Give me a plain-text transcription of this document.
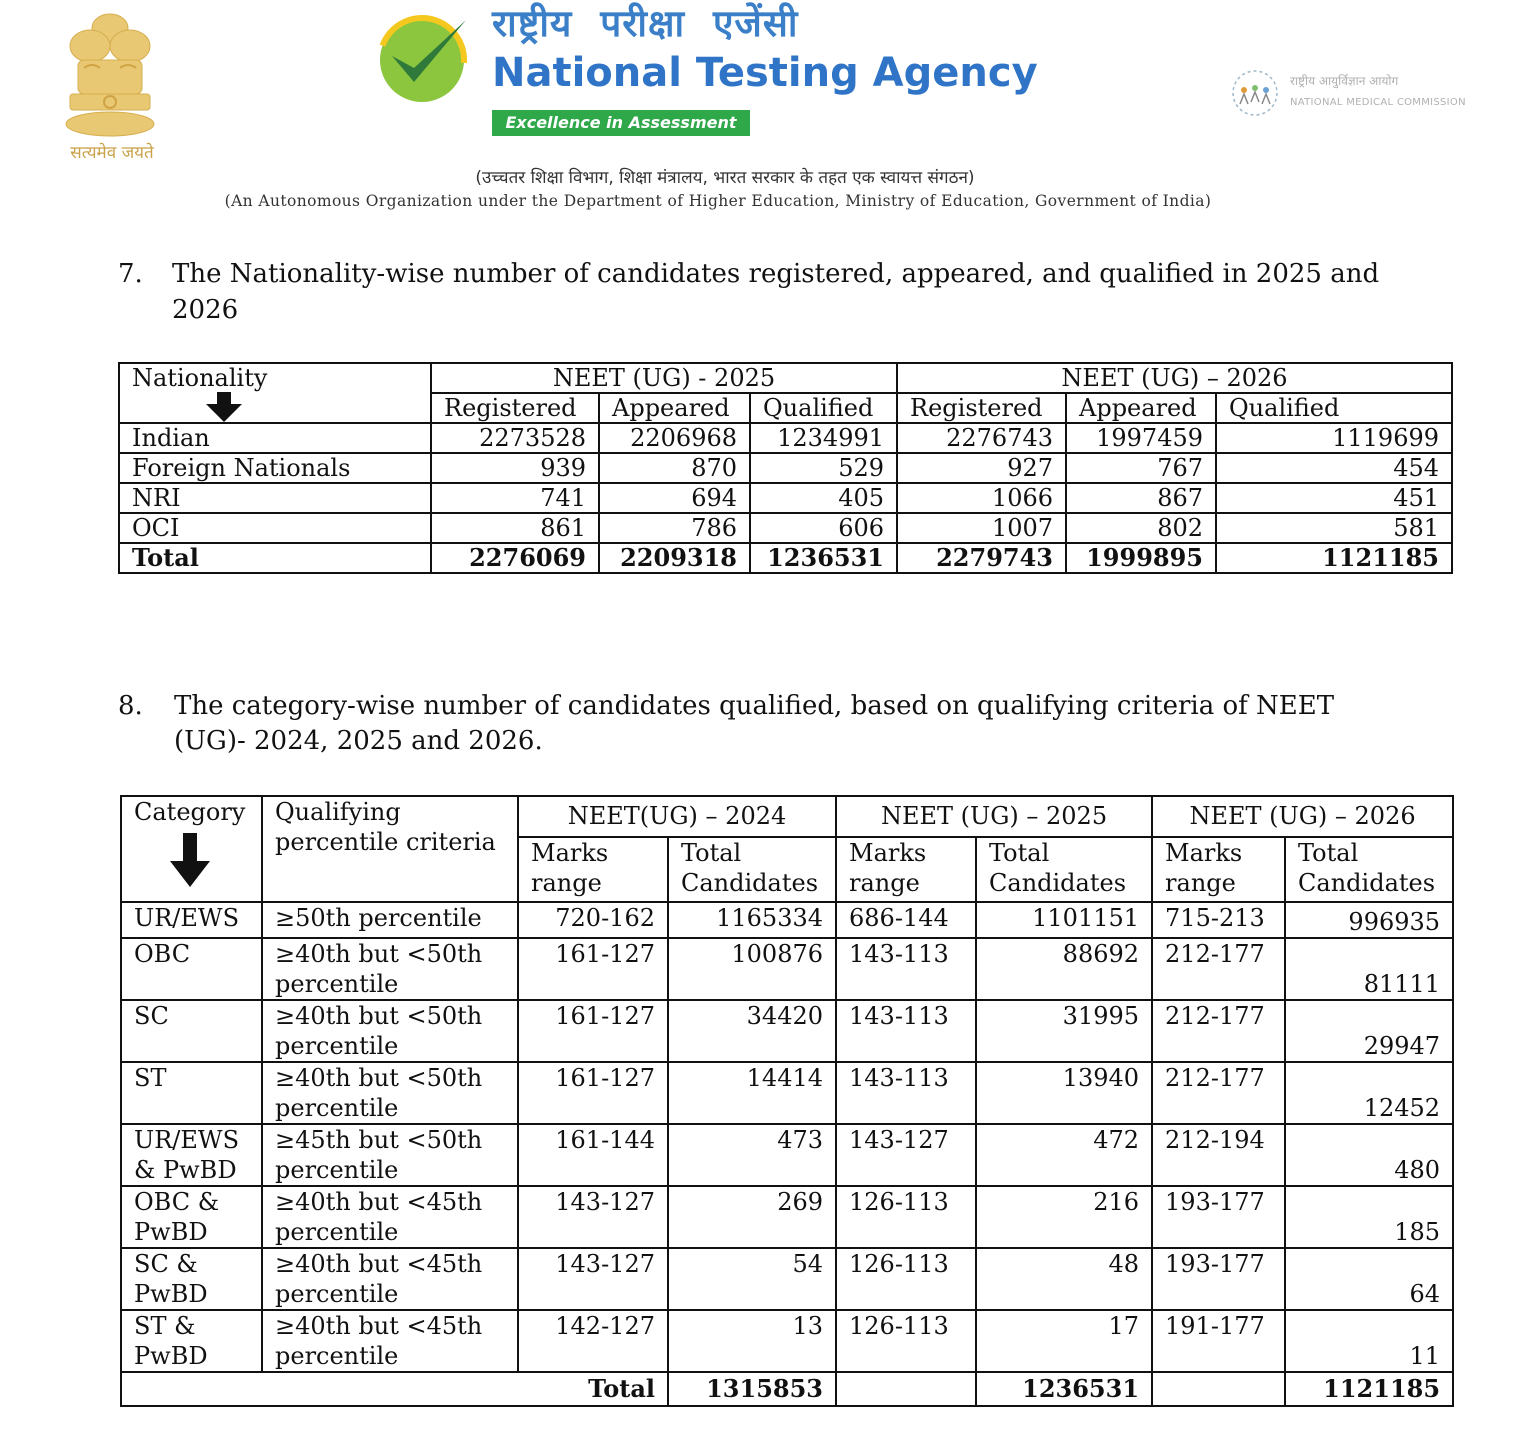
सत्यमेव जयते
राष्ट्रीय परीक्षा एजेंसी
National Testing Agency
Excellence in Assessment
राष्ट्रीय आयुर्विज्ञान आयोग
NATIONAL MEDICAL COMMISSION
(उच्चतर शिक्षा विभाग, शिक्षा मंत्रालय, भारत सरकार के तहत एक स्वायत्त संगठन)
(An Autonomous Organization under the Department of Higher Education, Ministry of Education, Government of India)
7. The Nationality-wise number of candidates registered, appeared, and qualified in 2025 and
2026
Nationality	NEET (UG) - 2025			NEET (UG) – 2026		
	Registered	Appeared	Qualified	Registered	Appeared	Qualified
Indian	2273528	2206968	1234991	2276743	1997459	1119699
Foreign Nationals	939	870	529	927	767	454
NRI	741	694	405	1066	867	451
OCI	861	786	606	1007	802	581
Total	2276069	2209318	1236531	2279743	1999895	1121185
8. The category-wise number of candidates qualified, based on qualifying criteria of NEET
(UG)- 2024, 2025 and 2026.
Category	Qualifying percentile criteria	NEET(UG) – 2024		NEET (UG) – 2025		NEET (UG) – 2026	
		Marks range	Total Candidates	Marks range	Total Candidates	Marks range	Total Candidates
UR/EWS	≥50th percentile	720-162	1165334	686-144	1101151	715-213	996935
OBC	≥40th but <50th percentile	161-127	100876	143-113	88692	212-177	81111
SC	≥40th but <50th percentile	161-127	34420	143-113	31995	212-177	29947
ST	≥40th but <50th percentile	161-127	14414	143-113	13940	212-177	12452
UR/EWS & PwBD	≥45th but <50th percentile	161-144	473	143-127	472	212-194	480
OBC & PwBD	≥40th but <45th percentile	143-127	269	126-113	216	193-177	185
SC & PwBD	≥40th but <45th percentile	143-127	54	126-113	48	193-177	64
ST & PwBD	≥40th but <45th percentile	142-127	13	126-113	17	191-177	11
Total			1315853		1236531		1121185
